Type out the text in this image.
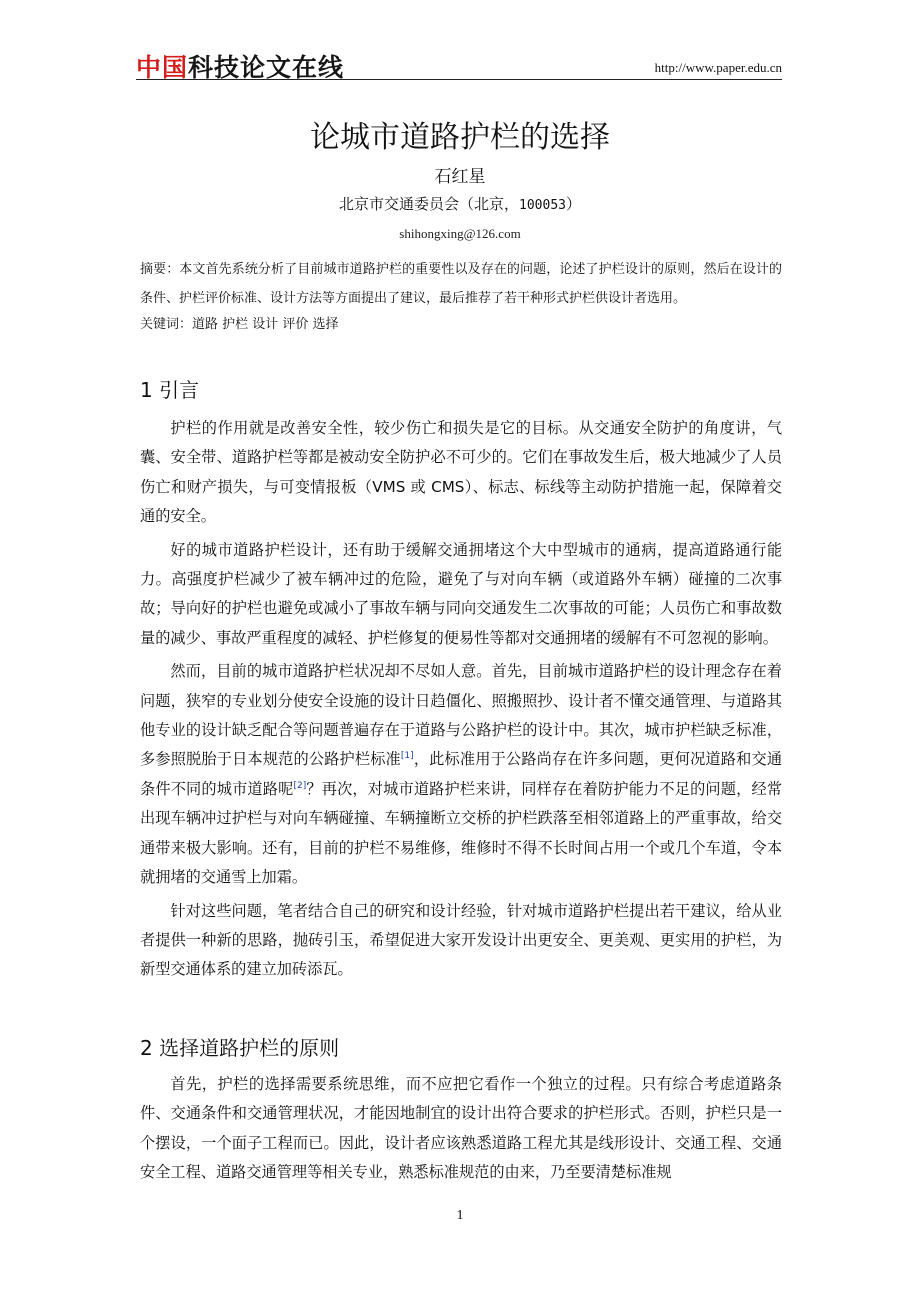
中国科技论文在线	http://www.paper.edu.cn
论城市道路护栏的选择
石红星
北京市交通委员会（北京，100053）
shihongxing@126.com
摘要：本文首先系统分析了目前城市道路护栏的重要性以及存在的问题，论述了护栏设计的原则，然后在设计的条件、护栏评价标准、设计方法等方面提出了建议，最后推荐了若干种形式护栏供设计者选用。
关键词：道路 护栏 设计 评价 选择
1 引言

护栏的作用就是改善安全性，较少伤亡和损失是它的目标。从交通安全防护的角度讲，气囊、安全带、道路护栏等都是被动安全防护必不可少的。它们在事故发生后，极大地减少了人员伤亡和财产损失，与可变情报板（VMS 或 CMS）、标志、标线等主动防护措施一起，保障着交通的安全。

好的城市道路护栏设计，还有助于缓解交通拥堵这个大中型城市的通病，提高道路通行能力。高强度护栏减少了被车辆冲过的危险，避免了与对向车辆（或道路外车辆）碰撞的二次事故；导向好的护栏也避免或减小了事故车辆与同向交通发生二次事故的可能；人员伤亡和事故数量的减少、事故严重程度的减轻、护栏修复的便易性等都对交通拥堵的缓解有不可忽视的影响。

然而，目前的城市道路护栏状况却不尽如人意。首先，目前城市道路护栏的设计理念存在着问题，狭窄的专业划分使安全设施的设计日趋僵化、照搬照抄、设计者不懂交通管理、与道路其他专业的设计缺乏配合等问题普遍存在于道路与公路护栏的设计中。其次，城市护栏缺乏标准，多参照脱胎于日本规范的公路护栏标准[1]，此标准用于公路尚存在许多问题，更何况道路和交通条件不同的城市道路呢[2]？再次，对城市道路护栏来讲，同样存在着防护能力不足的问题，经常出现车辆冲过护栏与对向车辆碰撞、车辆撞断立交桥的护栏跌落至相邻道路上的严重事故，给交通带来极大影响。还有，目前的护栏不易维修，维修时不得不长时间占用一个或几个车道，令本就拥堵的交通雪上加霜。

针对这些问题，笔者结合自己的研究和设计经验，针对城市道路护栏提出若干建议，给从业者提供一种新的思路，抛砖引玉，希望促进大家开发设计出更安全、更美观、更实用的护栏，为新型交通体系的建立加砖添瓦。

2 选择道路护栏的原则

首先，护栏的选择需要系统思维，而不应把它看作一个独立的过程。只有综合考虑道路条件、交通条件和交通管理状况，才能因地制宜的设计出符合要求的护栏形式。否则，护栏只是一个摆设，一个面子工程而已。因此，设计者应该熟悉道路工程尤其是线形设计、交通工程、交通安全工程、道路交通管理等相关专业，熟悉标准规范的由来，乃至要清楚标准规

1
